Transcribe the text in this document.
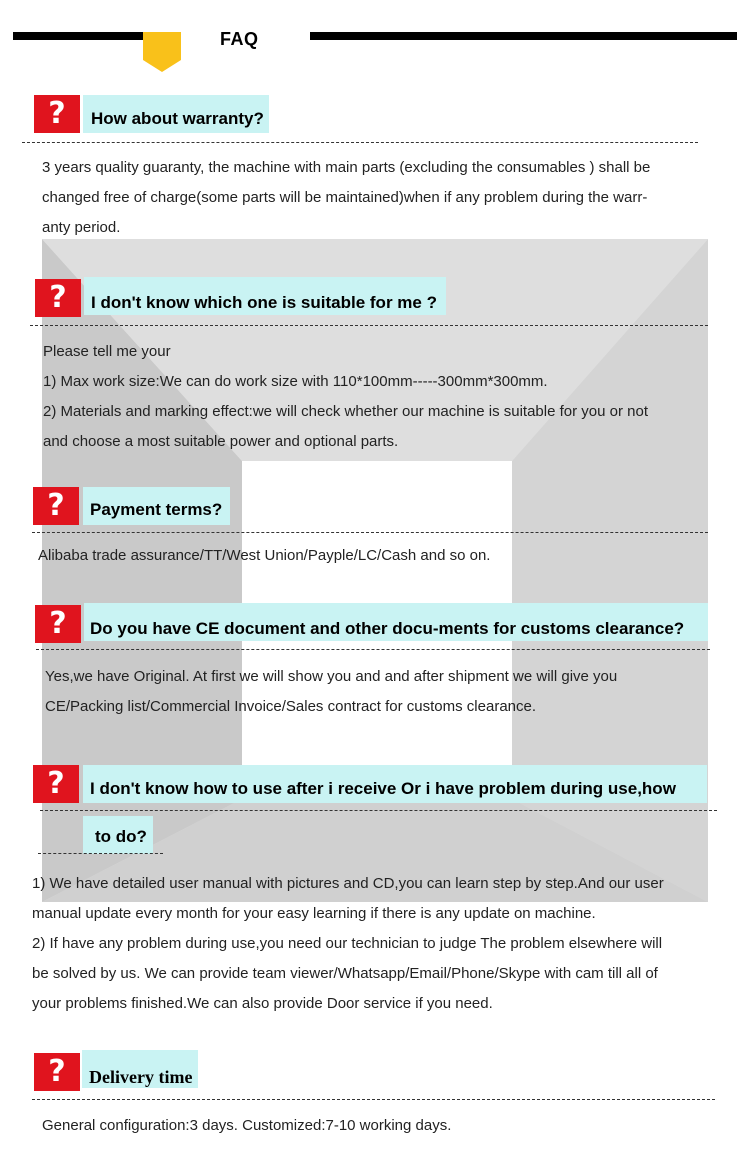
FAQ
?	How about warranty?
3 years quality guaranty, the machine with main parts (excluding the consumables ) shall be
changed free of charge(some parts will be maintained)when if any problem during the warr-
anty period.
?	I don't know which one is suitable for me ?
Please tell me your
1) Max work size:We can do work size with 110*100mm-----300mm*300mm.
2) Materials and marking effect:we will check whether our machine is suitable for you or not
and choose a most suitable power and optional parts.
?	Payment terms?
Alibaba trade assurance/TT/West Union/Payple/LC/Cash and so on.
?	Do you have CE document and other docu-ments for customs clearance?
Yes,we have Original. At first we will show you and and after shipment we will give you
CE/Packing list/Commercial Invoice/Sales contract for customs clearance.
?	I don't know how to use after i receive Or i have problem during use,how
to do?
1) We have detailed user manual with pictures and CD,you can learn step by step.And our user
manual update every month for your easy learning if there is any update on machine.
2) If have any problem during use,you need our technician to judge The problem elsewhere will
be solved by us. We can provide team viewer/Whatsapp/Email/Phone/Skype with cam till all of
your problems finished.We can also provide Door service if you need.
?	Delivery time
General configuration:3 days. Customized:7-10 working days.
